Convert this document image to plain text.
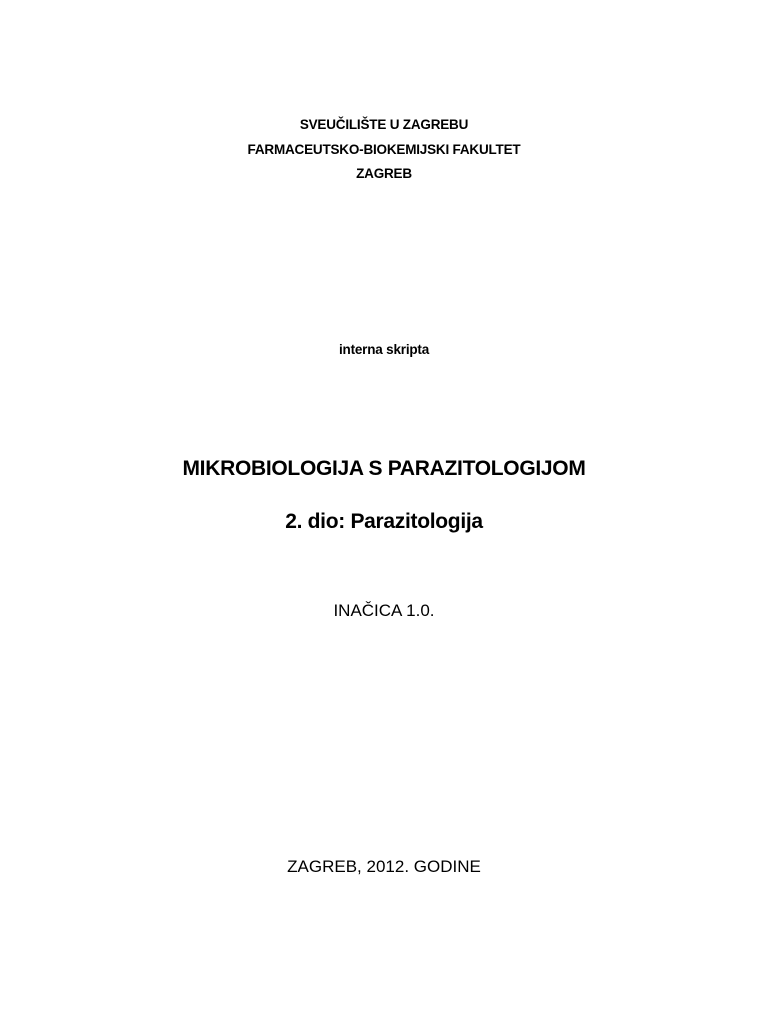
SVEUČILIŠTE U ZAGREBU
FARMACEUTSKO-BIOKEMIJSKI FAKULTET
ZAGREB
interna skripta
MIKROBIOLOGIJA S PARAZITOLOGIJOM
2. dio: Parazitologija
INAČICA 1.0.
ZAGREB, 2012. GODINE
